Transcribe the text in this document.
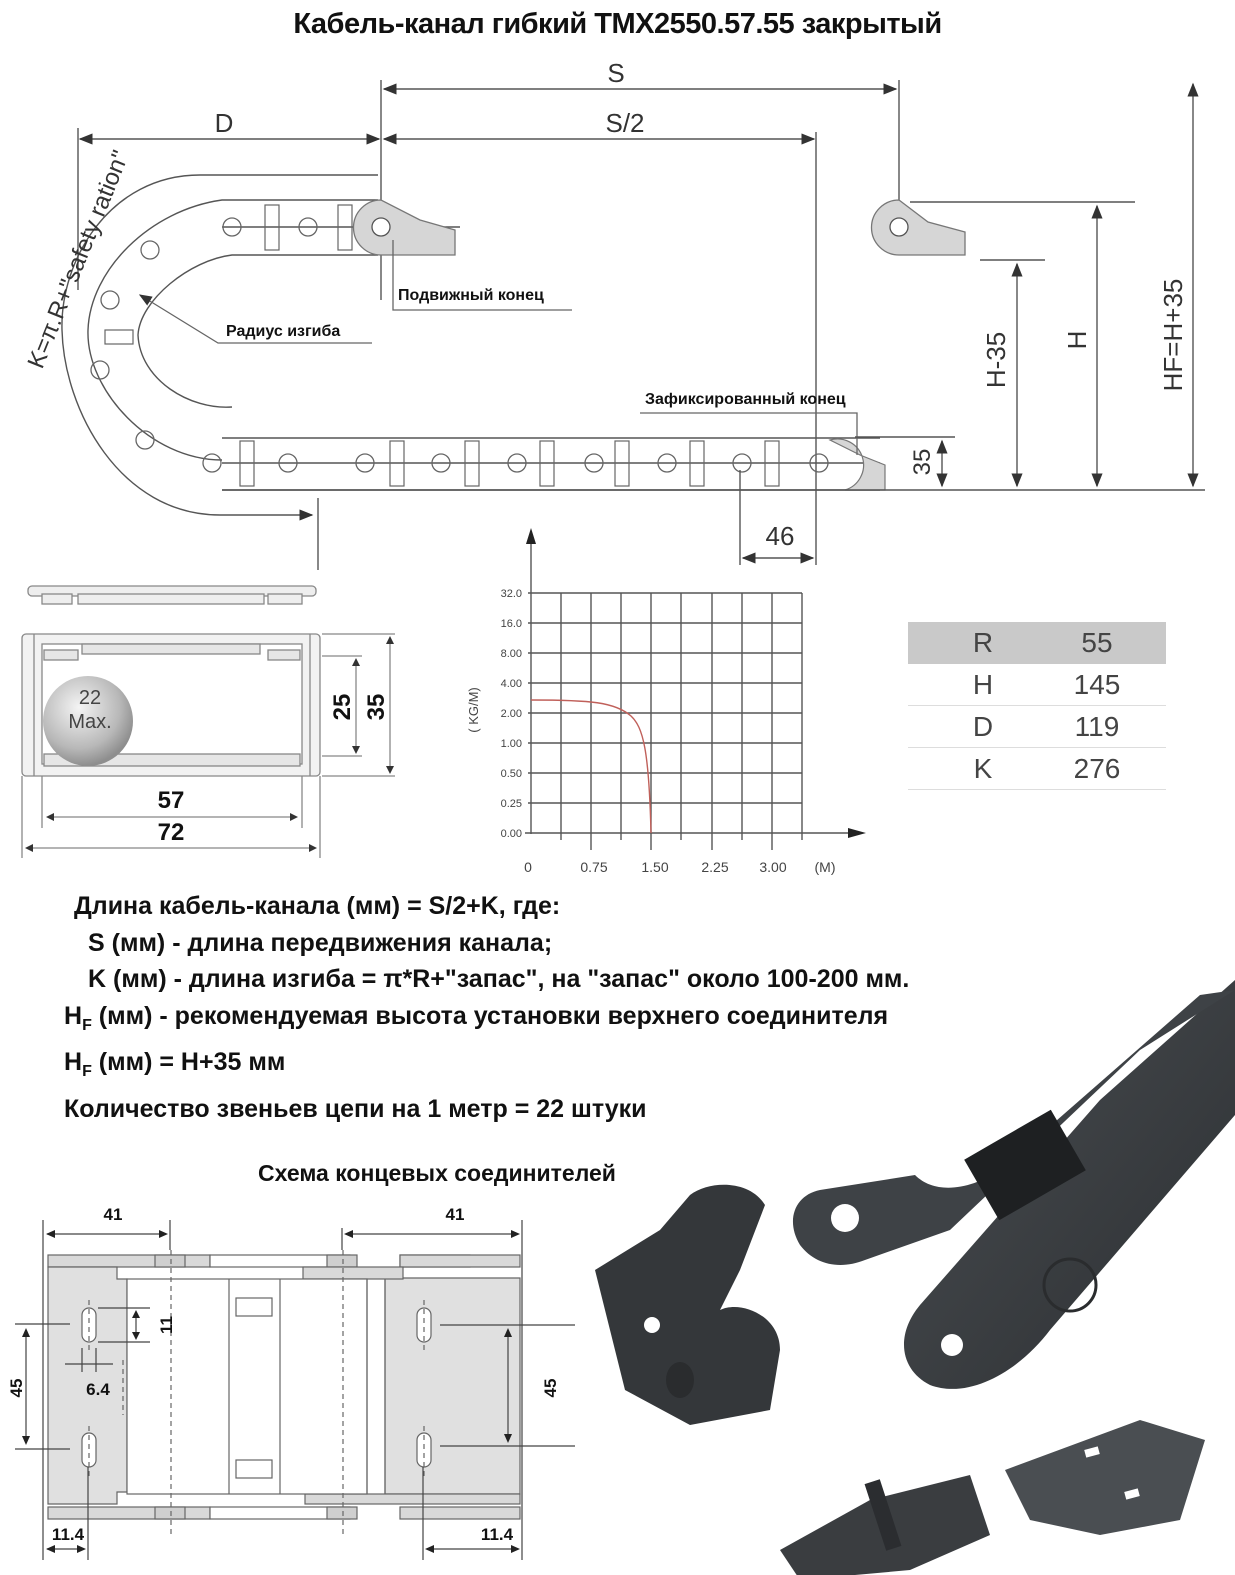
Кабель-канал гибкий TMX2550.57.55 закрытый
S
S/2
D
K=π.R+"safety ration"	Подвижный конец
Радиус изгиба
Зафиксированный конец
H-35 H	HF=H+35
35
46
22
Max.
25 35
57
72
32.0
16.0
8.00
4.00
2.00
1.00
0.50
0.25
0.00
0	0.75 1.50 2.25 3.00 (M)
( KG/M)
R	55
H	145
D	119
K	276
Длина кабель-канала (мм) = S/2+K, где:
S (мм) - длина передвижения канала;
K (мм) - длина изгиба = π*R+"запас", на "запас" около 100-200 мм.
$H_F$ (мм) - рекомендуемая высота установки верхнего соединителя
$H_F$ (мм) = H+35 мм
Количество звеньев цепи на 1 метр = 22 штуки
Схема концевых соединителей
41	41
11
6.4
45	45
11.4	11.4
